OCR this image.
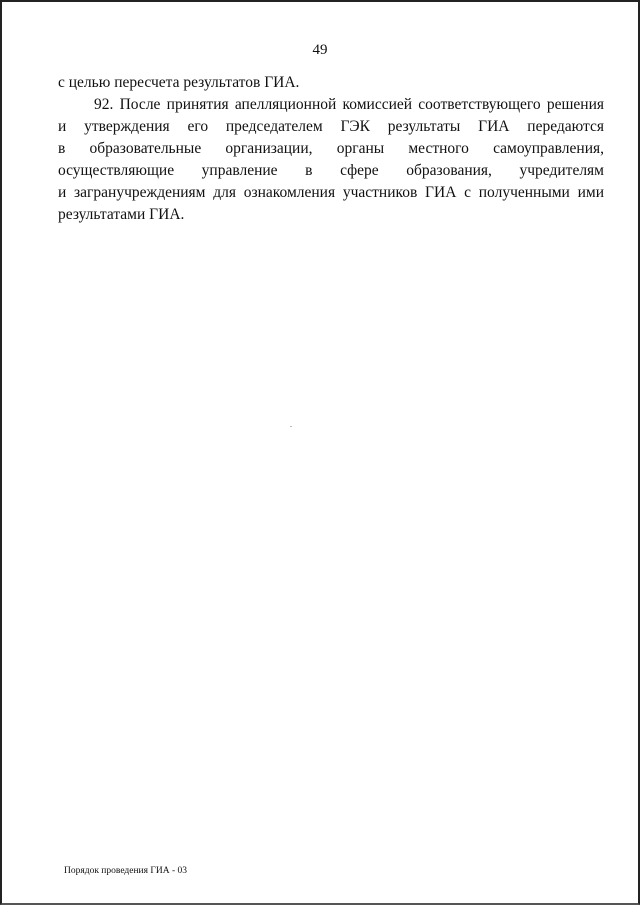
49
с целью пересчета результатов ГИА.
92. После принятия апелляционной комиссией соответствующего решения
и утверждения его председателем ГЭК результаты ГИА передаются
в образовательные организации, органы местного самоуправления,
осуществляющие управление в сфере образования, учредителям
и загранучреждениям для ознакомления участников ГИА с полученными ими
результатами ГИА.
Порядок проведения ГИА - 03
